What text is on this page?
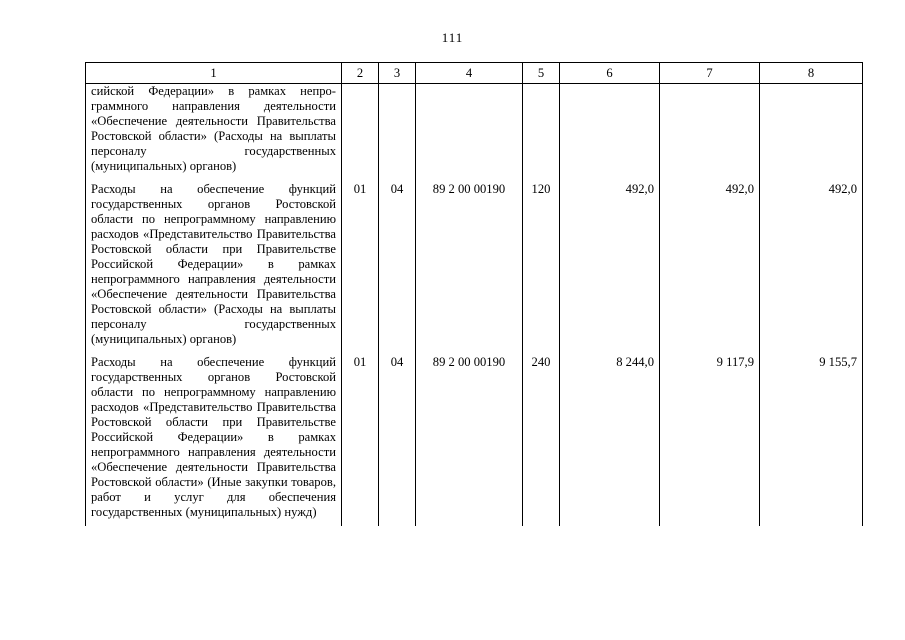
111
1	2	3	4	5	6	7	8
сийской Федерации» в рамках непрограммного направления деятельности «Обеспечение деятельности Правительства Ростовской области» (Расходы на выплаты персоналу государственных (муниципальных) органов)							
Расходы на обеспечение функций государственных органов Ростовской области по непрограммному направлению расходов «Представительство Правительства Ростовской области при Правительстве Российской Федерации» в рамках непрограммного направления деятельности «Обеспечение деятельности Правительства Ростовской области» (Расходы на выплаты персоналу государственных (муниципальных) органов)	01	04	89 2 00 00190	120	492,0	492,0	492,0
Расходы на обеспечение функций государственных органов Ростовской области по непрограммному направлению расходов «Представительство Правительства Ростовской области при Правительстве Российской Федерации» в рамках непрограммного направления деятельности «Обеспечение деятельности Правительства Ростовской области» (Иные закупки товаров, работ и услуг для обеспечения государственных (муниципальных) нужд)	01	04	89 2 00 00190	240	8 244,0	9 117,9	9 155,7
